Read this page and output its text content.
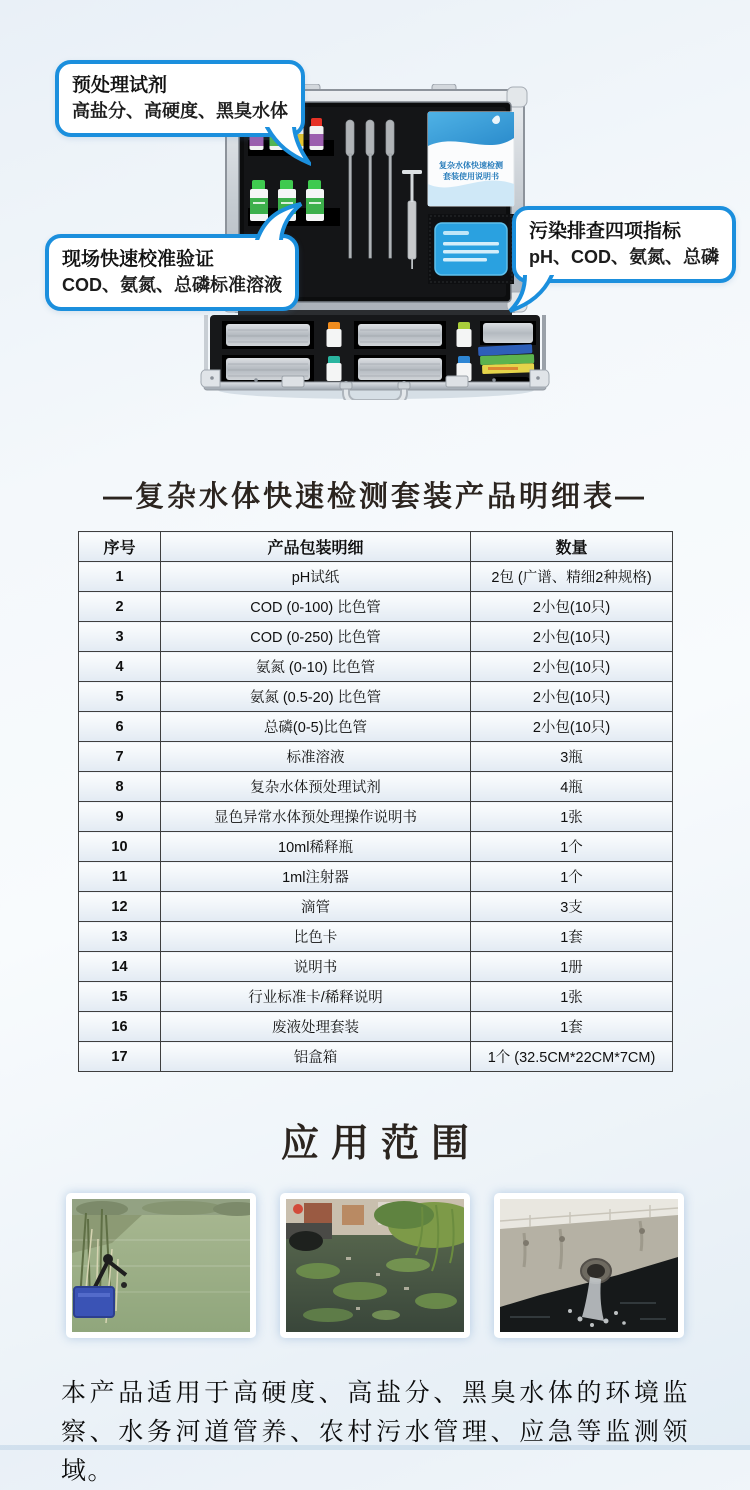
复杂水体快速检测
套装使用说明书
预处理试剂
高盐分、高硬度、黑臭水体
现场快速校准验证
COD、氨氮、总磷标准溶液
污染排查四项指标
pH、COD、氨氮、总磷
—复杂水体快速检测套装产品明细表—
序号	产品包装明细	数量
1	pH试纸	2包 (广谱、精细2种规格)
2	COD (0-100) 比色管	2小包(10只)
3	COD (0-250) 比色管	2小包(10只)
4	氨氮 (0-10) 比色管	2小包(10只)
5	氨氮 (0.5-20) 比色管	2小包(10只)
6	总磷(0-5)比色管	2小包(10只)
7	标准溶液	3瓶
8	复杂水体预处理试剂	4瓶
9	显色异常水体预处理操作说明书	1张
10	10ml稀释瓶	1个
11	1ml注射器	1个
12	滴管	3支
13	比色卡	1套
14	说明书	1册
15	行业标准卡/稀释说明	1张
16	废液处理套装	1套
17	铝盒箱	1个 (32.5CM*22CM*7CM)
应用范围

本产品适用于高硬度、高盐分、黑臭水体的环境监察、水务河道管养、农村污水管理、应急等监测领域。
